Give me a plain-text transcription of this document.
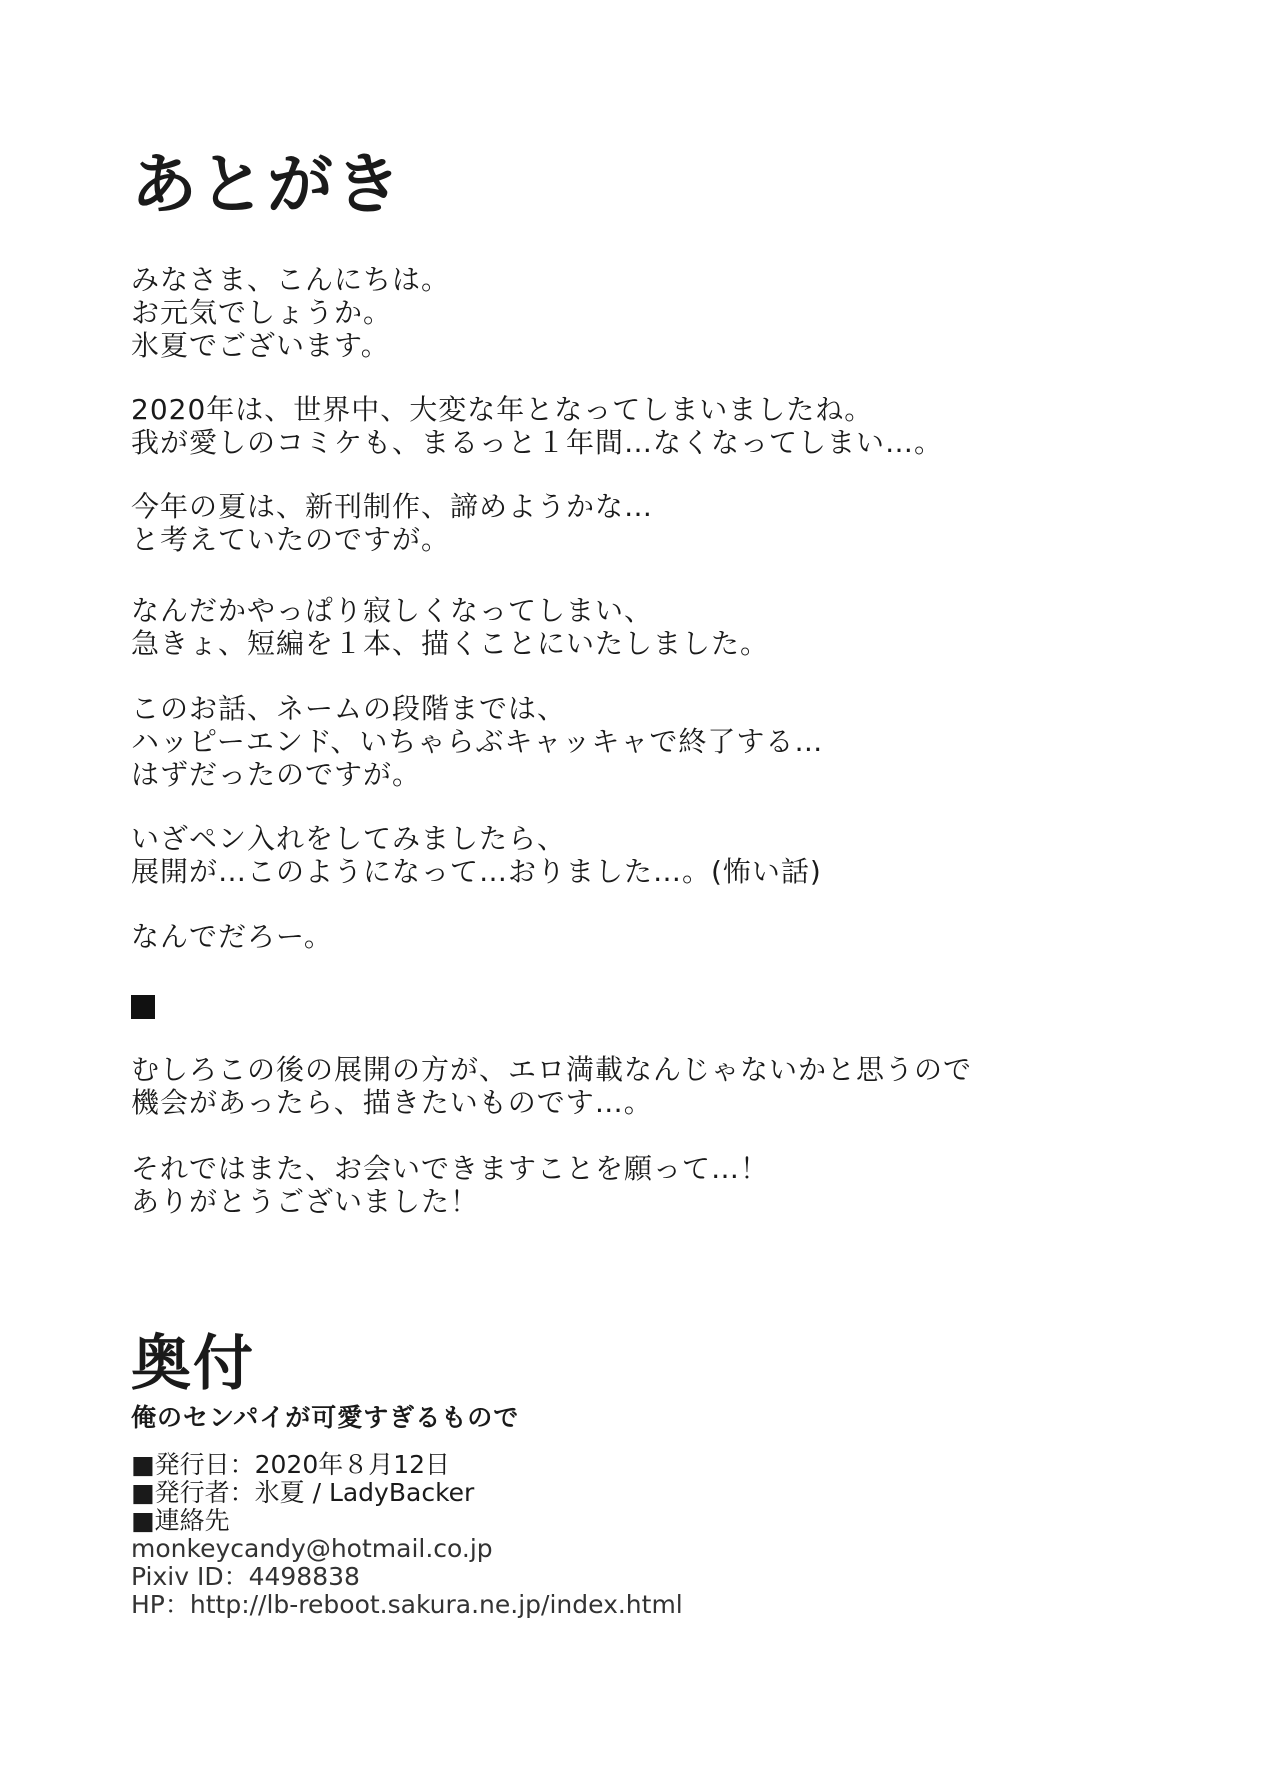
あとがき

みなさま、こんにちは。
お元気でしょうか。
氷夏でございます。

2020年は、世界中、大変な年となってしまいましたね。
我が愛しのコミケも、まるっと１年間…なくなってしまい…。

今年の夏は、新刊制作、諦めようかな…
と考えていたのですが。

なんだかやっぱり寂しくなってしまい、
急きょ、短編を１本、描くことにいたしました。

このお話、ネームの段階までは、
ハッピーエンド、いちゃらぶキャッキャで終了する…
はずだったのですが。

いざペン入れをしてみましたら、
展開が…このようになって…おりました…。(怖い話)

なんでだろー。

むしろこの後の展開の方が、エロ満載なんじゃないかと思うので
機会があったら、描きたいものです…。

それではまた、お会いできますことを願って…！
ありがとうございました！

奥付

俺のセンパイが可愛すぎるもので

■発行日：2020年８月12日
■発行者：氷夏 / LadyBacker
■連絡先
monkeycandy@hotmail.co.jp
Pixiv ID：4498838
HP：http://lb-reboot.sakura.ne.jp/index.html
